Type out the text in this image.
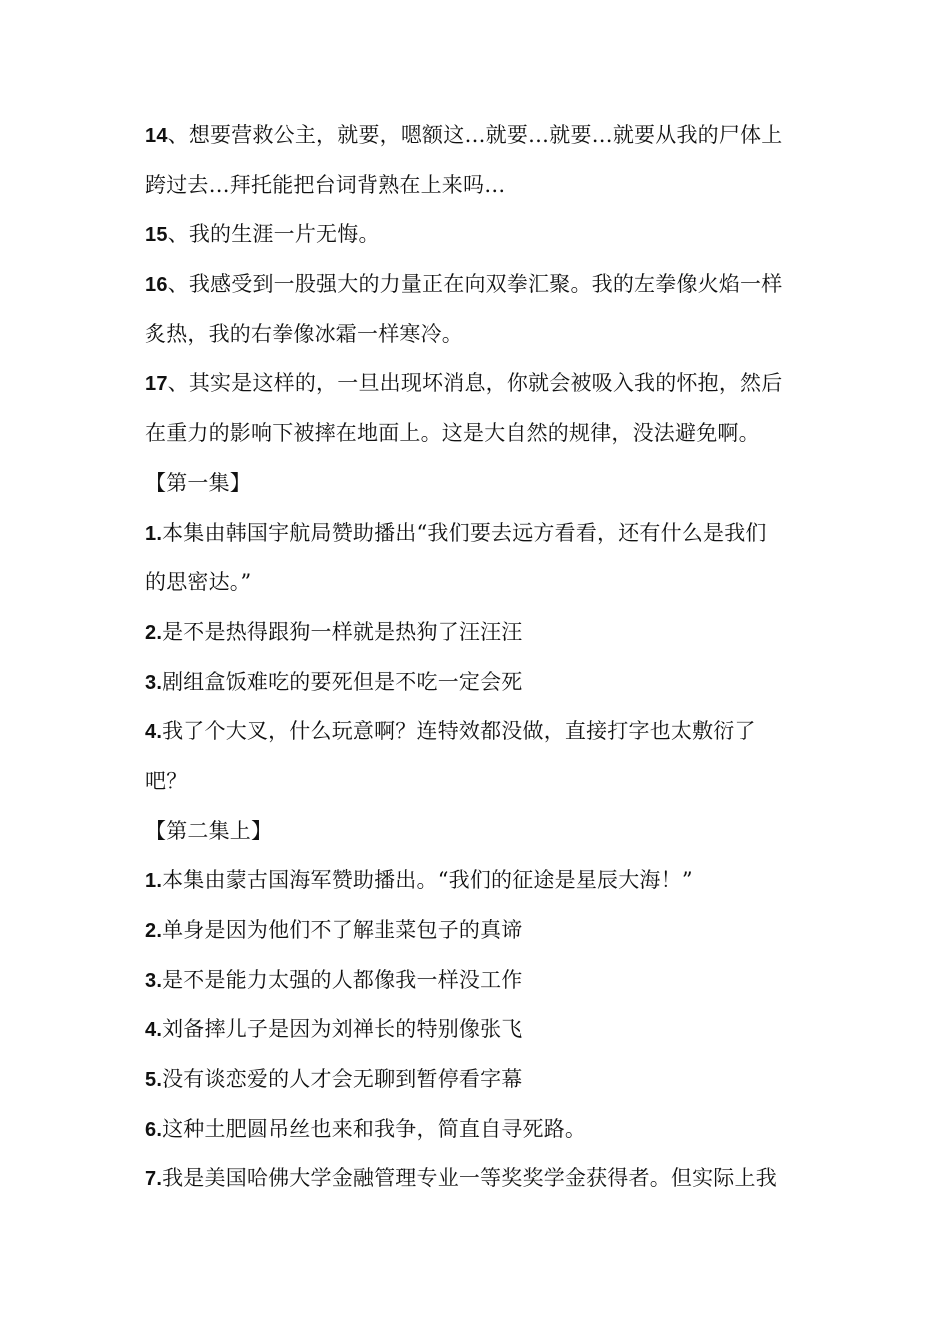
14、想要营救公主，就要，嗯额这…就要…就要…就要从我的尸体上
跨过去…拜托能把台词背熟在上来吗…
15、我的生涯一片无悔。
16、我感受到一股强大的力量正在向双拳汇聚。我的左拳像火焰一样
炙热，我的右拳像冰霜一样寒冷。
17、其实是这样的，一旦出现坏消息，你就会被吸入我的怀抱，然后
在重力的影响下被摔在地面上。这是大自然的规律，没法避免啊。
【第一集】
1.本集由韩国宇航局赞助播出“我们要去远方看看，还有什么是我们
的思密达。”
2.是不是热得跟狗一样就是热狗了汪汪汪
3.剧组盒饭难吃的要死但是不吃一定会死
4.我了个大叉，什么玩意啊？连特效都没做，直接打字也太敷衍了
吧？
【第二集上】
1.本集由蒙古国海军赞助播出。“我们的征途是星辰大海！”
2.单身是因为他们不了解韭菜包子的真谛
3.是不是能力太强的人都像我一样没工作
4.刘备摔儿子是因为刘禅长的特别像张飞
5.没有谈恋爱的人才会无聊到暂停看字幕
6.这种土肥圆吊丝也来和我争，简直自寻死路。
7.我是美国哈佛大学金融管理专业一等奖奖学金获得者。但实际上我
